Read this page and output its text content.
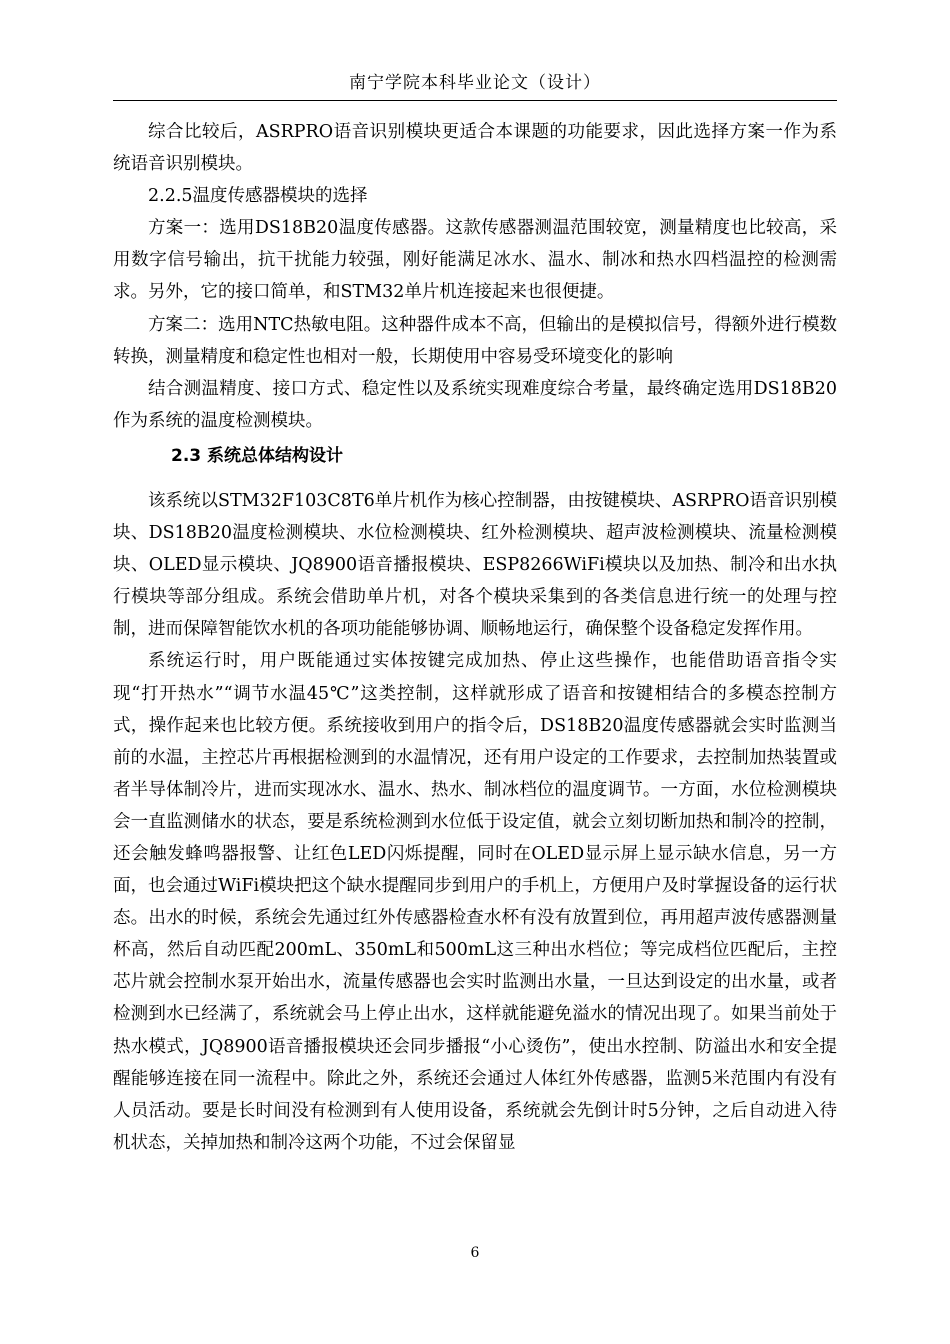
南宁学院本科毕业论文（设计）

综合比较后，ASRPRO语音识别模块更适合本课题的功能要求，因此选择方案一作为系统语音识别模块。

2.2.5温度传感器模块的选择

方案一：选用DS18B20温度传感器。这款传感器测温范围较宽，测量精度也比较高，采用数字信号输出，抗干扰能力较强，刚好能满足冰水、温水、制冰和热水四档温控的检测需求。另外，它的接口简单，和STM32单片机连接起来也很便捷。

方案二：选用NTC热敏电阻。这种器件成本不高，但输出的是模拟信号，得额外进行模数转换，测量精度和稳定性也相对一般，长期使用中容易受环境变化的影响

结合测温精度、接口方式、稳定性以及系统实现难度综合考量，最终确定选用DS18B20作为系统的温度检测模块。

2.3 系统总体结构设计

该系统以STM32F103C8T6单片机作为核心控制器，由按键模块、ASRPRO语音识别模块、DS18B20温度检测模块、水位检测模块、红外检测模块、超声波检测模块、流量检测模块、OLED显示模块、JQ8900语音播报模块、ESP8266WiFi模块以及加热、制冷和出水执行模块等部分组成。系统会借助单片机，对各个模块采集到的各类信息进行统一的处理与控制，进而保障智能饮水机的各项功能能够协调、顺畅地运行，确保整个设备稳定发挥作用。

系统运行时，用户既能通过实体按键完成加热、停止这些操作，也能借助语音指令实现“打开热水”“调节水温45℃”这类控制，这样就形成了语音和按键相结合的多模态控制方式，操作起来也比较方便。系统接收到用户的指令后，DS18B20温度传感器就会实时监测当前的水温，主控芯片再根据检测到的水温情况，还有用户设定的工作要求，去控制加热装置或者半导体制冷片，进而实现冰水、温水、热水、制冰档位的温度调节。一方面，水位检测模块会一直监测储水的状态，要是系统检测到水位低于设定值，就会立刻切断加热和制冷的控制，还会触发蜂鸣器报警、让红色LED闪烁提醒，同时在OLED显示屏上显示缺水信息，另一方面，也会通过WiFi模块把这个缺水提醒同步到用户的手机上，方便用户及时掌握设备的运行状态。出水的时候，系统会先通过红外传感器检查水杯有没有放置到位，再用超声波传感器测量杯高，然后自动匹配200mL、350mL和500mL这三种出水档位；等完成档位匹配后，主控芯片就会控制水泵开始出水，流量传感器也会实时监测出水量，一旦达到设定的出水量，或者检测到水已经满了，系统就会马上停止出水，这样就能避免溢水的情况出现了。如果当前处于热水模式，JQ8900语音播报模块还会同步播报“小心烫伤”，使出水控制、防溢出水和安全提醒能够连接在同一流程中。除此之外，系统还会通过人体红外传感器，监测5米范围内有没有人员活动。要是长时间没有检测到有人使用设备，系统就会先倒计时5分钟，之后自动进入待机状态，关掉加热和制冷这两个功能，不过会保留显

6
